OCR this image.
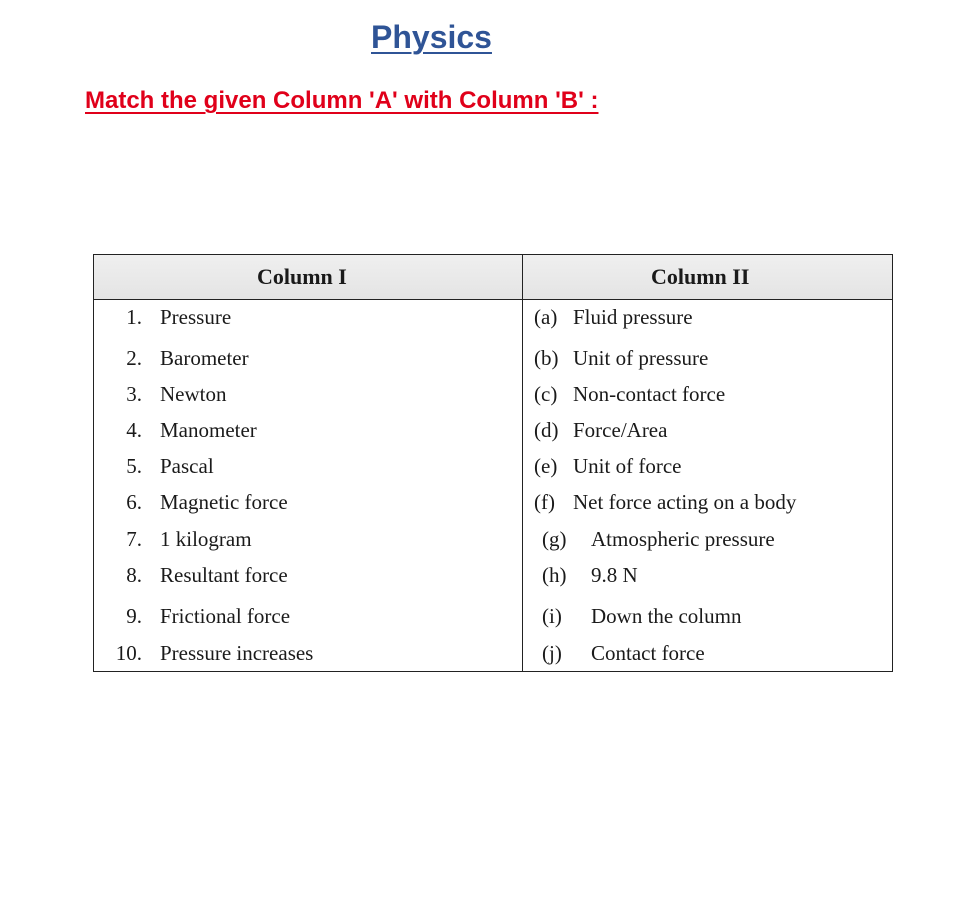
Physics
Match the given Column 'A' with Column 'B' :
Column I	Column II
1. Pressure	(a) Fluid pressure
2. Barometer	(b) Unit of pressure
3. Newton	(c) Non-contact force
4. Manometer	(d) Force/Area
5. Pascal	(e) Unit of force
6. Magnetic force	(f) Net force acting on a body
7. 1 kilogram	(g) Atmospheric pressure
8. Resultant force	(h) 9.8 N
9. Frictional force	(i) Down the column
10. Pressure increases	(j) Contact force
